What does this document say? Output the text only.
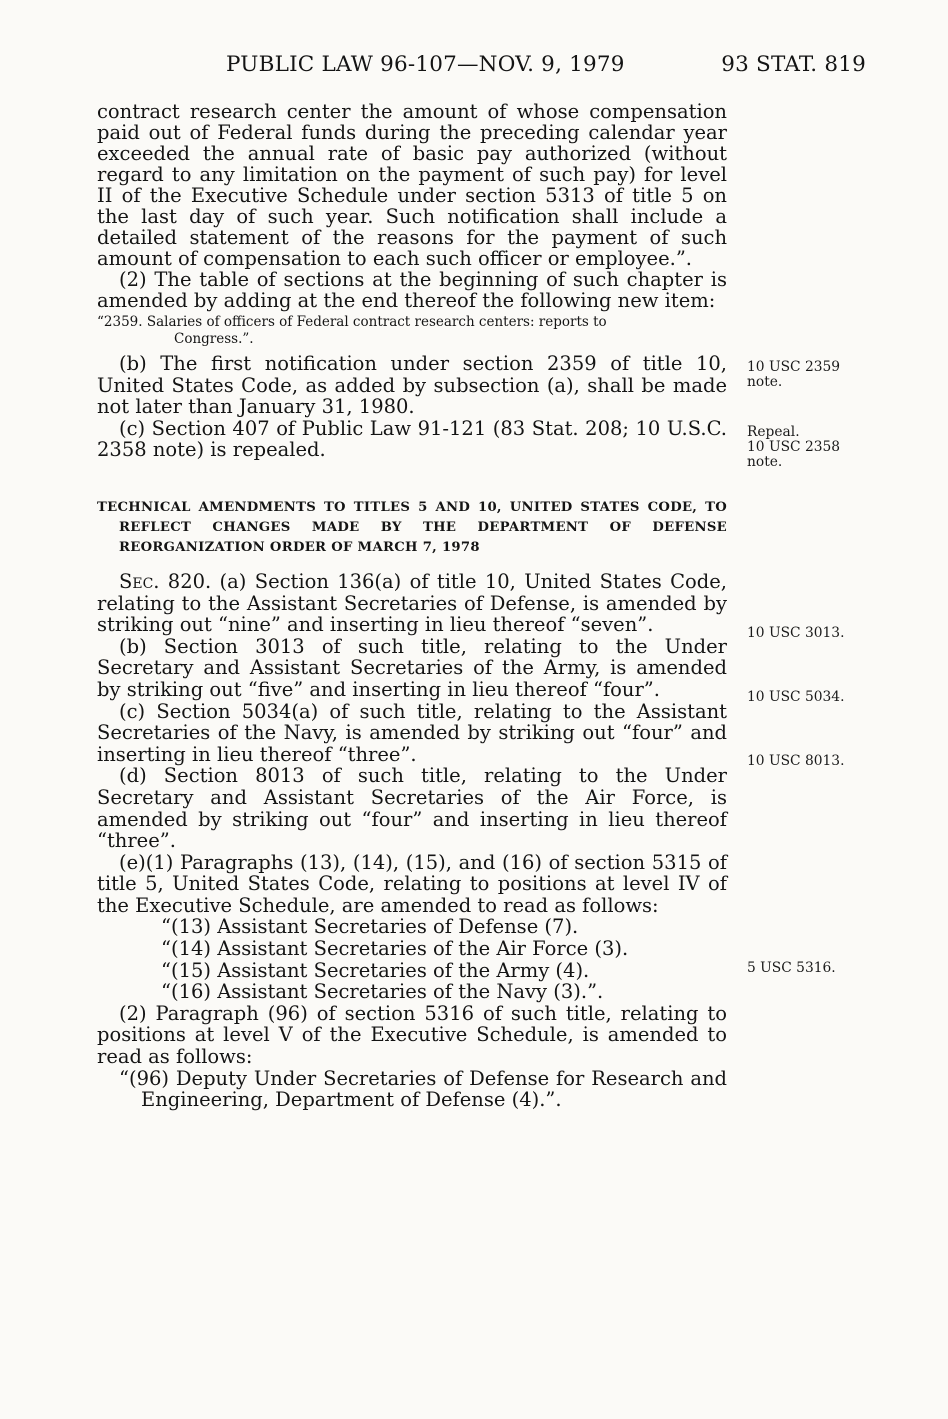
PUBLIC LAW 96-107—NOV. 9, 1979	93 STAT. 819

contract research center the amount of whose compensation paid out of Federal funds during the preceding calendar year exceeded the annual rate of basic pay authorized (without regard to any limitation on the payment of such pay) for level II of the Executive Schedule under section 5313 of title 5 on the last day of such year. Such notification shall include a detailed statement of the reasons for the payment of such amount of compensation to each such officer or employee.”.

(2) The table of sections at the beginning of such chapter is amended by adding at the end thereof the following new item:

“2359. Salaries of officers of Federal contract research centers: reports to
Congress.”.

(b) The first notification under section 2359 of title 10, United States Code, as added by subsection (a), shall be made not later than January 31, 1980.

(c) Section 407 of Public Law 91-121 (83 Stat. 208; 10 U.S.C. 2358 note) is repealed.

TECHNICAL AMENDMENTS TO TITLES 5 AND 10, UNITED STATES CODE, TO REFLECT CHANGES MADE BY THE DEPARTMENT OF DEFENSE REORGANIZATION ORDER OF MARCH 7, 1978

Sec. 820. (a) Section 136(a) of title 10, United States Code, relating to the Assistant Secretaries of Defense, is amended by striking out “nine” and inserting in lieu thereof “seven”.

(b) Section 3013 of such title, relating to the Under Secretary and Assistant Secretaries of the Army, is amended by striking out “five” and inserting in lieu thereof “four”.

(c) Section 5034(a) of such title, relating to the Assistant Secretaries of the Navy, is amended by striking out “four” and inserting in lieu thereof “three”.

(d) Section 8013 of such title, relating to the Under Secretary and Assistant Secretaries of the Air Force, is amended by striking out “four” and inserting in lieu thereof “three”.

(e)(1) Paragraphs (13), (14), (15), and (16) of section 5315 of title 5, United States Code, relating to positions at level IV of the Executive Schedule, are amended to read as follows:

“(13) Assistant Secretaries of Defense (7).

“(14) Assistant Secretaries of the Air Force (3).

“(15) Assistant Secretaries of the Army (4).

“(16) Assistant Secretaries of the Navy (3).”.

(2) Paragraph (96) of section 5316 of such title, relating to positions at level V of the Executive Schedule, is amended to read as follows:

“(96) Deputy Under Secretaries of Defense for Research and Engineering, Department of Defense (4).”.

10 USC 2359
note.
Repeal.
10 USC 2358
note.
10 USC 3013.
10 USC 5034.
10 USC 8013.
5 USC 5316.
